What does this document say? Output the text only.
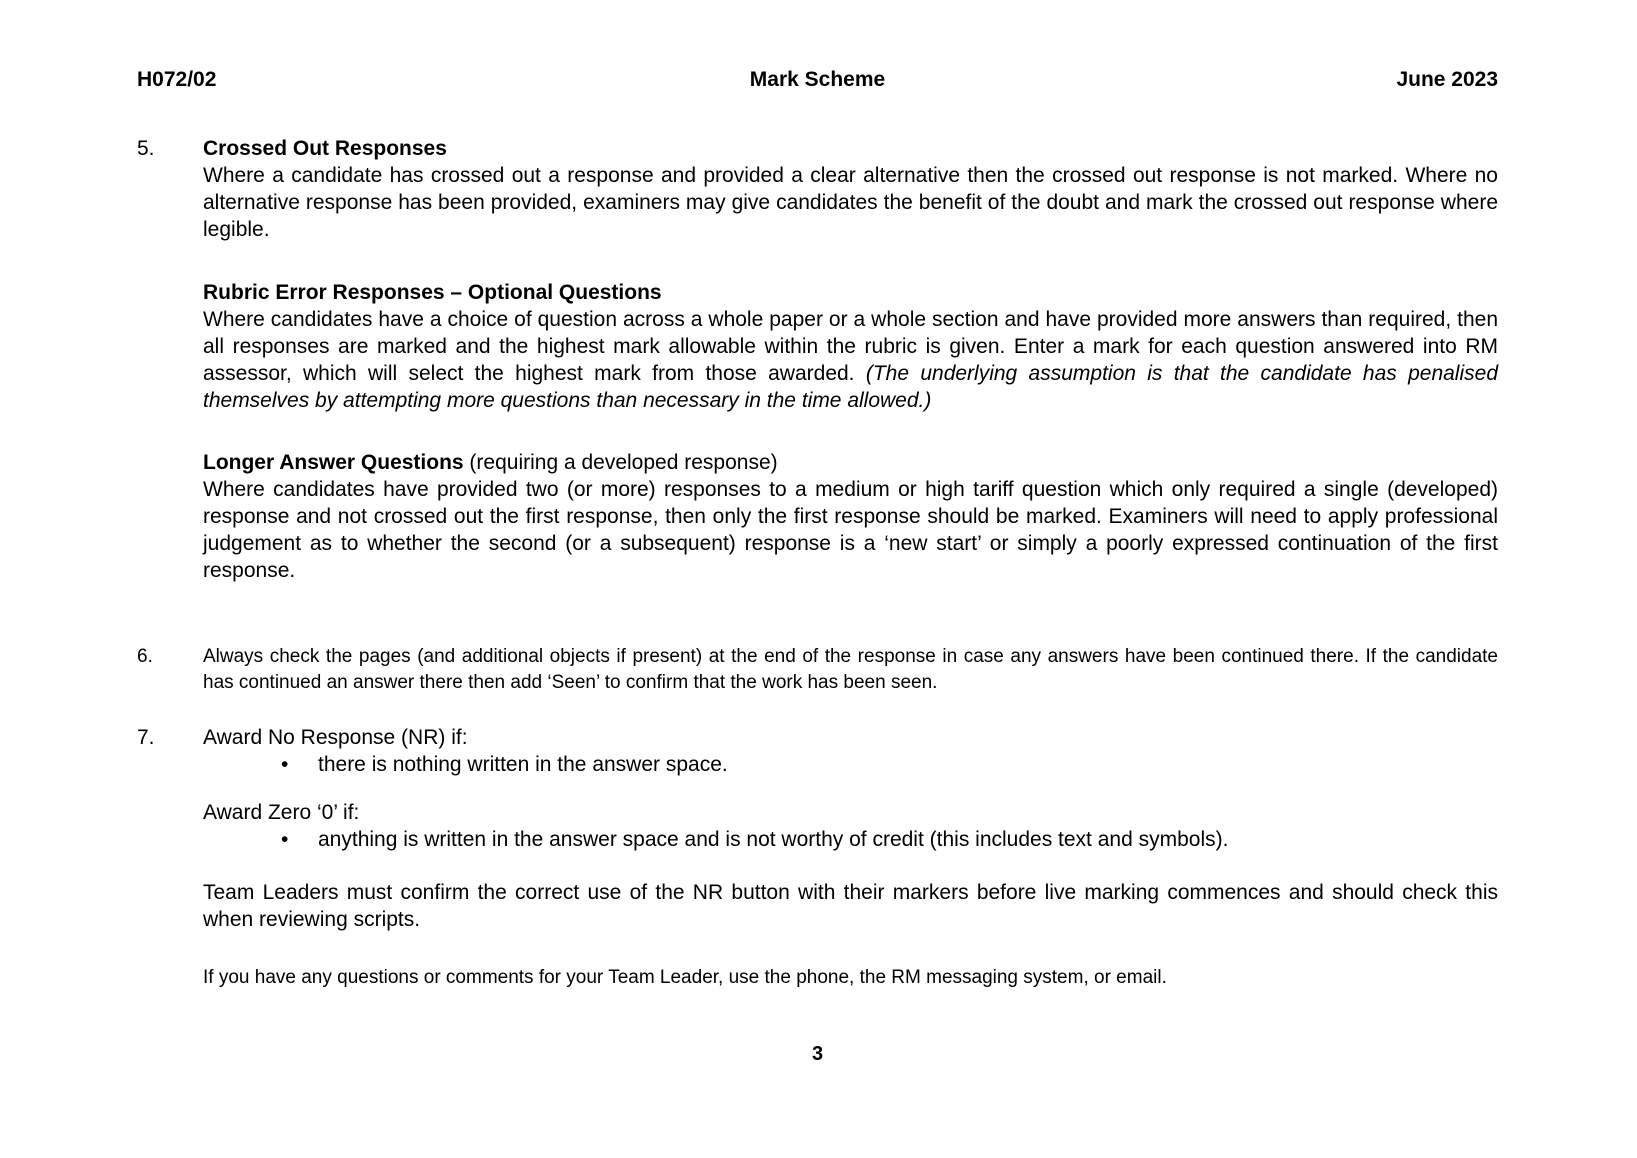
H072/02	Mark Scheme	June 2023
5.	Crossed Out Responses

Where a candidate has crossed out a response and provided a clear alternative then the crossed out response is not marked. Where no alternative response has been provided, examiners may give candidates the benefit of the doubt and mark the crossed out response where legible.

Rubric Error Responses – Optional Questions

Where candidates have a choice of question across a whole paper or a whole section and have provided more answers than required, then all responses are marked and the highest mark allowable within the rubric is given. Enter a mark for each question answered into RM assessor, which will select the highest mark from those awarded. (The underlying assumption is that the candidate has penalised themselves by attempting more questions than necessary in the time allowed.)

Longer Answer Questions (requiring a developed response)

Where candidates have provided two (or more) responses to a medium or high tariff question which only required a single (developed) response and not crossed out the first response, then only the first response should be marked. Examiners will need to apply professional judgement as to whether the second (or a subsequent) response is a ‘new start’ or simply a poorly expressed continuation of the first response.

6.	Always check the pages (and additional objects if present) at the end of the response in case any answers have been continued there. If the candidate has continued an answer there then add ‘Seen’ to confirm that the work has been seen.

7.	Award No Response (NR) if:

•	there is nothing written in the answer space.

Award Zero ‘0’ if:

•	anything is written in the answer space and is not worthy of credit (this includes text and symbols).

Team Leaders must confirm the correct use of the NR button with their markers before live marking commences and should check this when reviewing scripts.

If you have any questions or comments for your Team Leader, use the phone, the RM messaging system, or email.

3
